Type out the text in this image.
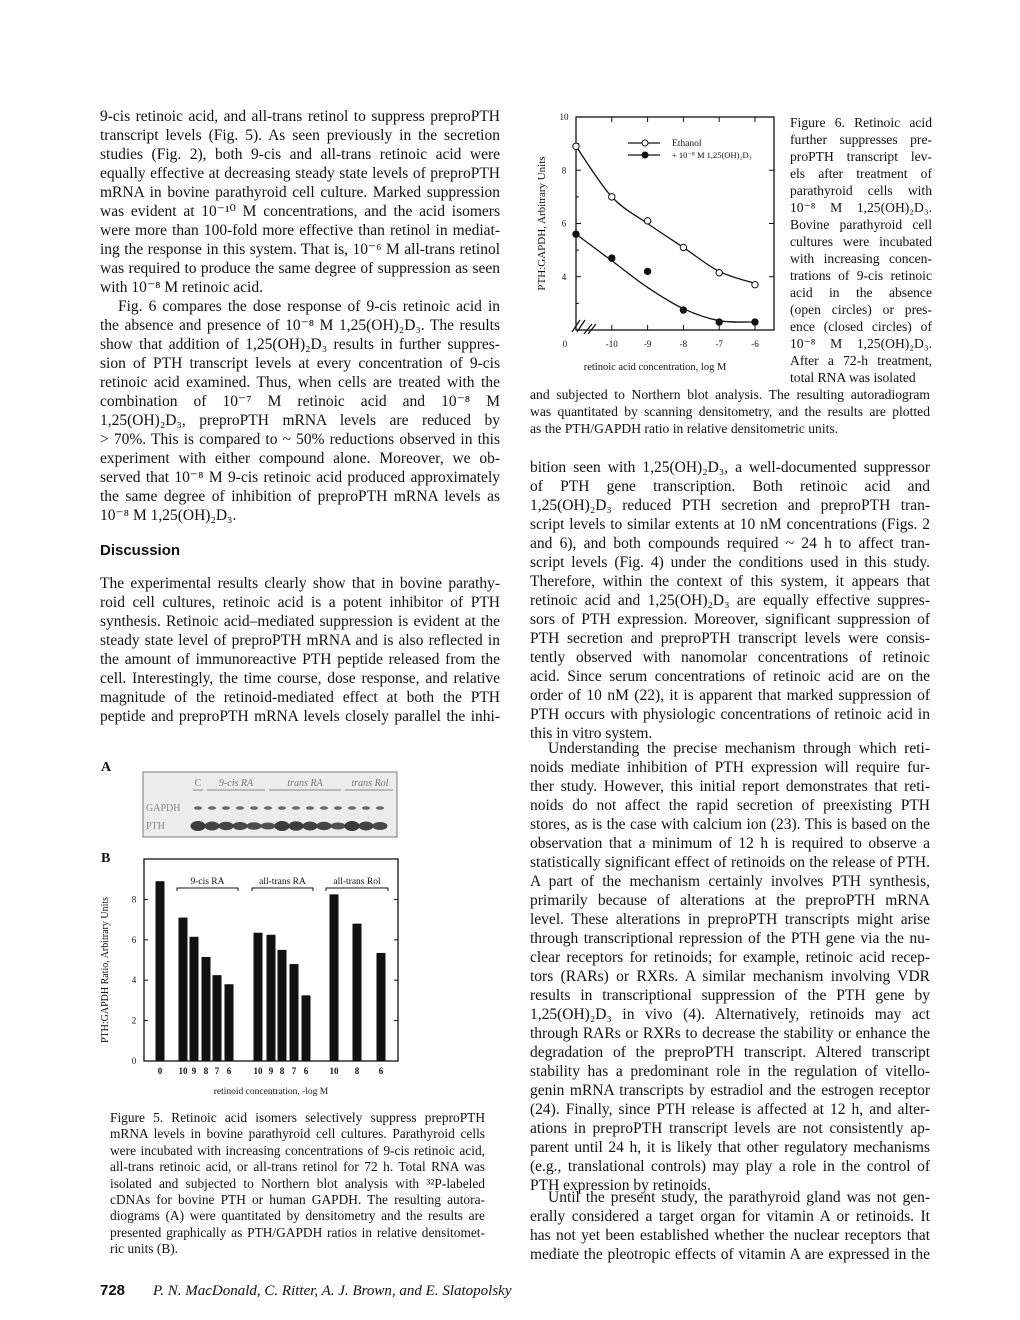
9-cis retinoic acid, and all-trans retinol to suppress preproPTH
transcript levels (Fig. 5). As seen previously in the secretion
studies (Fig. 2), both 9-cis and all-trans retinoic acid were
equally effective at decreasing steady state levels of preproPTH
mRNA in bovine parathyroid cell culture. Marked suppression
was evident at 10⁻¹⁰ M concentrations, and the acid isomers
were more than 100-fold more effective than retinol in mediat-
ing the response in this system. That is, 10⁻⁶ M all-trans retinol
was required to produce the same degree of suppression as seen
with 10⁻⁸ M retinoic acid.
Fig. 6 compares the dose response of 9-cis retinoic acid in
the absence and presence of 10⁻⁸ M 1,25(OH)₂D₃. The results
show that addition of 1,25(OH)₂D₃ results in further suppres-
sion of PTH transcript levels at every concentration of 9-cis
retinoic acid examined. Thus, when cells are treated with the
combination of 10⁻⁷ M retinoic acid and 10⁻⁸ M
1,25(OH)₂D₃, preproPTH mRNA levels are reduced by
> 70%. This is compared to ~ 50% reductions observed in this
experiment with either compound alone. Moreover, we ob-
served that 10⁻⁸ M 9-cis retinoic acid produced approximately
the same degree of inhibition of preproPTH mRNA levels as
10⁻⁸ M 1,25(OH)₂D₃.
The experimental results clearly show that in bovine parathy-
roid cell cultures, retinoic acid is a potent inhibitor of PTH
synthesis. Retinoic acid–mediated suppression is evident at the
steady state level of preproPTH mRNA and is also reflected in
the amount of immunoreactive PTH peptide released from the
cell. Interestingly, the time course, dose response, and relative
magnitude of the retinoid-mediated effect at both the PTH
peptide and preproPTH mRNA levels closely parallel the inhi-
bition seen with 1,25(OH)₂D₃, a well-documented suppressor
of PTH gene transcription. Both retinoic acid and
1,25(OH)₂D₃ reduced PTH secretion and preproPTH tran-
script levels to similar extents at 10 nM concentrations (Figs. 2
and 6), and both compounds required ~ 24 h to affect tran-
script levels (Fig. 4) under the conditions used in this study.
Therefore, within the context of this system, it appears that
retinoic acid and 1,25(OH)₂D₃ are equally effective suppres-
sors of PTH expression. Moreover, significant suppression of
PTH secretion and preproPTH transcript levels were consis-
tently observed with nanomolar concentrations of retinoic
acid. Since serum concentrations of retinoic acid are on the
order of 10 nM (22), it is apparent that marked suppression of
PTH occurs with physiologic concentrations of retinoic acid in
this in vitro system.
Understanding the precise mechanism through which reti-
noids mediate inhibition of PTH expression will require fur-
ther study. However, this initial report demonstrates that reti-
noids do not affect the rapid secretion of preexisting PTH
stores, as is the case with calcium ion (23). This is based on the
observation that a minimum of 12 h is required to observe a
statistically significant effect of retinoids on the release of PTH.
A part of the mechanism certainly involves PTH synthesis,
primarily because of alterations at the preproPTH mRNA
level. These alterations in preproPTH transcripts might arise
through transcriptional repression of the PTH gene via the nu-
clear receptors for retinoids; for example, retinoic acid recep-
tors (RARs) or RXRs. A similar mechanism involving VDR
results in transcriptional suppression of the PTH gene by
1,25(OH)₂D₃ in vivo (4). Alternatively, retinoids may act
through RARs or RXRs to decrease the stability or enhance the
degradation of the preproPTH transcript. Altered transcript
stability has a predominant role in the regulation of vitello-
genin mRNA transcripts by estradiol and the estrogen receptor
(24). Finally, since PTH release is affected at 12 h, and alter-
ations in preproPTH transcript levels are not consistently ap-
parent until 24 h, it is likely that other regulatory mechanisms
(e.g., translational controls) may play a role in the control of
PTH expression by retinoids.
Until the present study, the parathyroid gland was not gen-
erally considered a target organ for vitamin A or retinoids. It
has not yet been established whether the nuclear receptors that
mediate the pleotropic effects of vitamin A are expressed in the
Figure 6. Retinoic acid
further suppresses pre-
proPTH transcript lev-
els after treatment of
parathyroid cells with
10⁻⁸ M 1,25(OH)₂D₃.
Bovine parathyroid cell
cultures were incubated
with increasing concen-
trations of 9-cis retinoic
acid in the absence
(open circles) or pres-
ence (closed circles) of
10⁻⁸ M 1,25(OH)₂D₃.
After a 72-h treatment,
total RNA was isolated
and subjected to Northern blot analysis. The resulting autoradiogram
was quantitated by scanning densitometry, and the results are plotted
as the PTH/GAPDH ratio in relative densitometric units.
Figure 5. Retinoic acid isomers selectively suppress preproPTH
mRNA levels in bovine parathyroid cell cultures. Parathyroid cells
were incubated with increasing concentrations of 9-cis retinoic acid,
all-trans retinoic acid, or all-trans retinol for 72 h. Total RNA was
isolated and subjected to Northern blot analysis with ³²P-labeled
cDNAs for bovine PTH or human GAPDH. The resulting autora-
diograms (A) were quantitated by densitometry and the results are
presented graphically as PTH/GAPDH ratios in relative densitomet-
ric units (B).
Discussion
A
B
728 P. N. MacDonald, C. Ritter, A. J. Brown, and E. Slatopolsky
4
6
8
10
0	-10	-9	-8	-7	-6
retinoic acid concentration, log M
PTH:GAPDH, Arbitrary Units
Ethanol
+ 10⁻⁸ M 1,25(OH)₂D₃
C 9-cis RA	trans RA	trans Rol
GAPDH
PTH
0
2
4
6
8
0 10 9 8 7 6 10 9 8 7 6 10 8 6
9-cis RA	all-trans RA	all-trans Rol
retinoid concentration, -log M
PTH:GAPDH Ratio, Arbitrary Units
